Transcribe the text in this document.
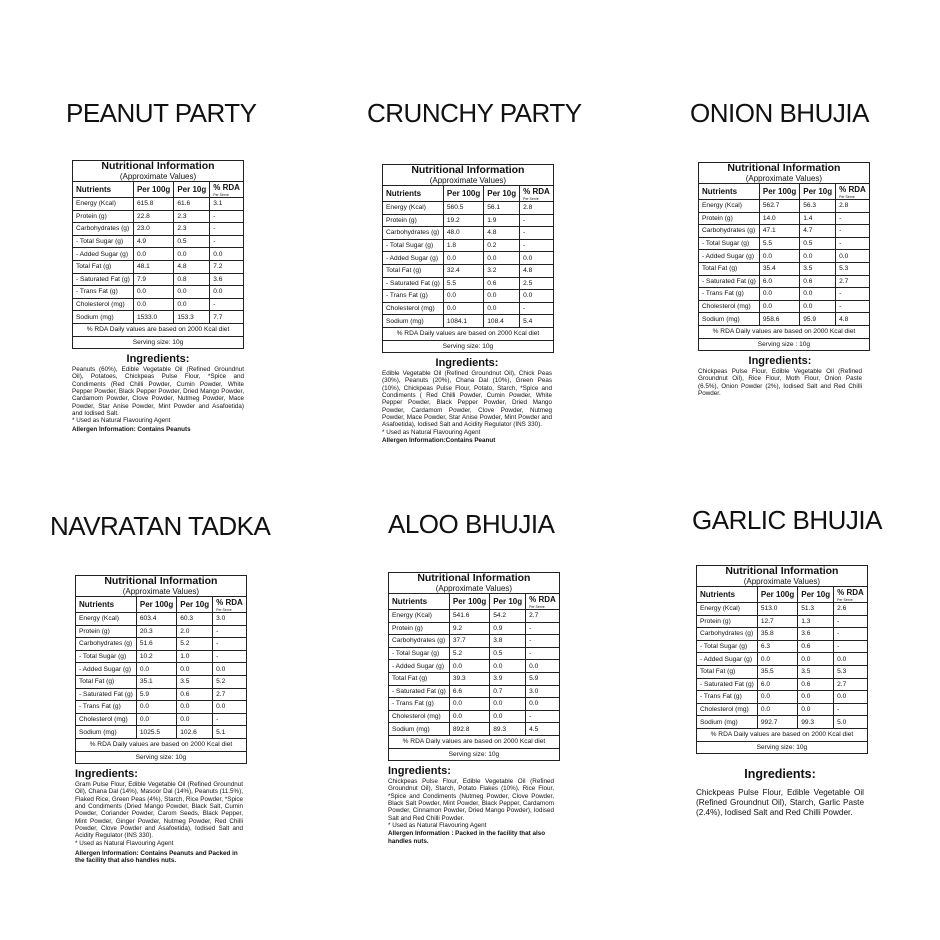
PEANUT PARTY
Nutritional Information
(Approximate Values)			

Nutrients	Per 100g	Per 10g	% RDA
Per Serve

Energy (Kcal)	615.8	61.6	3.1
Protein (g)	22.8	2.3	-
Carbohydrates (g)	23.0	2.3	-
- Total Sugar (g)	4.9	0.5	-
- Added Sugar (g)	0.0	0.0	0.0
Total Fat (g)	48.1	4.8	7.2
- Saturated Fat (g)	7.9	0.8	3.6
- Trans Fat (g)	0.0	0.0	0.0
Cholesterol (mg)	0.0	0.0	-
Sodium (mg)	1533.0	153.3	7.7
% RDA Daily values are based on 2000 Kcal diet			
Serving size: 10g			
Ingredients:
Peanuts (60%), Edible Vegetable Oil (Refined Groundnut Oil), Potatoes, Chickpeas Pulse Flour, *Spice and Condiments (Red Chilli Powder, Cumin Powder, White Pepper Powder, Black Pepper Powder, Dried Mango Powder, Cardamom Powder, Clove Powder, Nutmeg Powder, Mace Powder, Star Anise Powder, Mint Powder and Asafoetida) and Iodised Salt.
* Used as Natural Flavouring Agent
Allergen Information: Contains Peanuts
CRUNCHY PARTY
Nutritional Information
(Approximate Values)			

Nutrients	Per 100g	Per 10g	% RDA
Per Serve

Energy (Kcal)	560.5	56.1	2.8
Protein (g)	19.2	1.9	-
Carbohydrates (g)	48.0	4.8	-
- Total Sugar (g)	1.8	0.2	-
- Added Sugar (g)	0.0	0.0	0.0
Total Fat (g)	32.4	3.2	4.8
- Saturated Fat (g)	5.5	0.6	2.5
- Trans Fat (g)	0.0	0.0	0.0
Cholesterol (mg)	0.0	0.0	-
Sodium (mg)	1084.1	108.4	5.4
% RDA Daily values are based on 2000 Kcal diet			
Serving size: 10g			
Ingredients:
Edible Vegetable Oil (Refined Groundnut Oil), Chick Peas (30%), Peanuts (20%), Chana Dal (10%), Green Peas (10%), Chickpeas Pulse Flour, Potato, Starch, *Spice and Condiments ( Red Chilli Powder, Cumin Powder, White Pepper Powder, Black Pepper Powder, Dried Mango Powder, Cardamom Powder, Clove Powder, Nutmeg Powder, Mace Powder, Star Anise Powder, Mint Powder and Asafoetida), Iodised Salt and Acidity Regulator (INS 330).
* Used as Natural Flavouring Agent
Allergen Information:Contains Peanut
ONION BHUJIA
Nutritional Information
(Approximate Values)			

Nutrients	Per 100g	Per 10g	% RDA
Per Serve

Energy (Kcal)	562.7	56.3	2.8
Protein (g)	14.0	1.4	-
Carbohydrates (g)	47.1	4.7	-
- Total Sugar (g)	5.5	0.5	-
- Added Sugar (g)	0.0	0.0	0.0
Total Fat (g)	35.4	3.5	5.3
- Saturated Fat (g)	6.0	0.6	2.7
- Trans Fat (g)	0.0	0.0	-
Cholesterol (mg)	0.0	0.0	-
Sodium (mg)	958.6	95.9	4.8
% RDA Daily values are based on 2000 Kcal diet			
Serving size : 10g			
Ingredients:
Chickpeas Pulse Flour, Edible Vegetable Oil (Refined Groundnut Oil), Rice Flour, Moth Flour, Onion Paste (6.5%), Onion Powder (2%), Iodised Salt and Red Chilli Powder.
NAVRATAN TADKA
Nutritional Information
(Approximate Values)			

Nutrients	Per 100g	Per 10g	% RDA
Per Serve

Energy (Kcal)	603.4	60.3	3.0
Protein (g)	20.3	2.0	-
Carbohydrates (g)	51.6	5.2	-
- Total Sugar (g)	10.2	1.0	-
- Added Sugar (g)	0.0	0.0	0.0
Total Fat (g)	35.1	3.5	5.2
- Saturated Fat (g)	5.9	0.6	2.7
- Trans Fat (g)	0.0	0.0	0.0
Cholesterol (mg)	0.0	0.0	-
Sodium (mg)	1025.5	102.6	5.1
% RDA Daily values are based on 2000 Kcal diet			
Serving size: 10g			
Ingredients:
Gram Pulse Flour, Edible Vegetable Oil (Refined Groundnut Oil), Chana Dal (14%), Masoor Dal (14%), Peanuts (11.5%), Flaked Rice, Green Peas (4%), Starch, Rice Powder, *Spice and Condiments (Dried Mango Powder, Black Salt, Cumin Powder, Coriander Powder, Carom Seeds, Black Pepper, Mint Powder, Ginger Powder, Nutmeg Powder, Red Chilli Powder, Clove Powder and Asafoetida), Iodised Salt and Acidity Regulator (INS 330).
* Used as Natural Flavouring Agent
Allergen Information: Contains Peanuts and Packed in the facility that also handles nuts.
ALOO BHUJIA
Nutritional Information
(Approximate Values)			

Nutrients	Per 100g	Per 10g	% RDA
Per Serve

Energy (Kcal)	541.6	54.2	2.7
Protein (g)	9.2	0.9	-
Carbohydrates (g)	37.7	3.8	-
- Total Sugar (g)	5.2	0.5	-
- Added Sugar (g)	0.0	0.0	0.0
Total Fat (g)	39.3	3.9	5.9
- Saturated Fat (g)	6.6	0.7	3.0
- Trans Fat (g)	0.0	0.0	0.0
Cholesterol (mg)	0.0	0.0	-
Sodium (mg)	892.8	89.3	4.5
% RDA Daily values are based on 2000 Kcal diet			
Serving size: 10g			
Ingredients:
Chickpeas Pulse Flour, Edible Vegetable Oil (Refined Groundnut Oil), Starch, Potato Flakes (10%), Rice Flour, *Spice and Condiments (Nutmeg Powder, Clove Powder, Black Salt Powder, Mint Powder, Black Pepper, Cardamom Powder, Cinnamon Powder, Dried Mango Powder), Iodised Salt and Red Chilli Powder.
* Used as Natural Flavouring Agent
Allergen Information : Packed in the facility that also handles nuts.
GARLIC BHUJIA
Nutritional Information
(Approximate Values)			

Nutrients	Per 100g	Per 10g	% RDA
Per Serve

Energy (Kcal)	513.0	51.3	2.6
Protein (g)	12.7	1.3	-
Carbohydrates (g)	35.8	3.6	-
- Total Sugar (g)	6.3	0.6	-
- Added Sugar (g)	0.0	0.0	0.0
Total Fat (g)	35.5	3.5	5.3
- Saturated Fat (g)	6.0	0.6	2.7
- Trans Fat (g)	0.0	0.0	0.0
Cholesterol (mg)	0.0	0.0	-
Sodium (mg)	992.7	99.3	5.0
% RDA Daily values are based on 2000 Kcal diet			
Serving size: 10g			
Ingredients:
Chickpeas Pulse Flour, Edible Vegetable Oil (Refined Groundnut Oil), Starch, Garlic Paste (2.4%), Iodised Salt and Red Chilli Powder.
